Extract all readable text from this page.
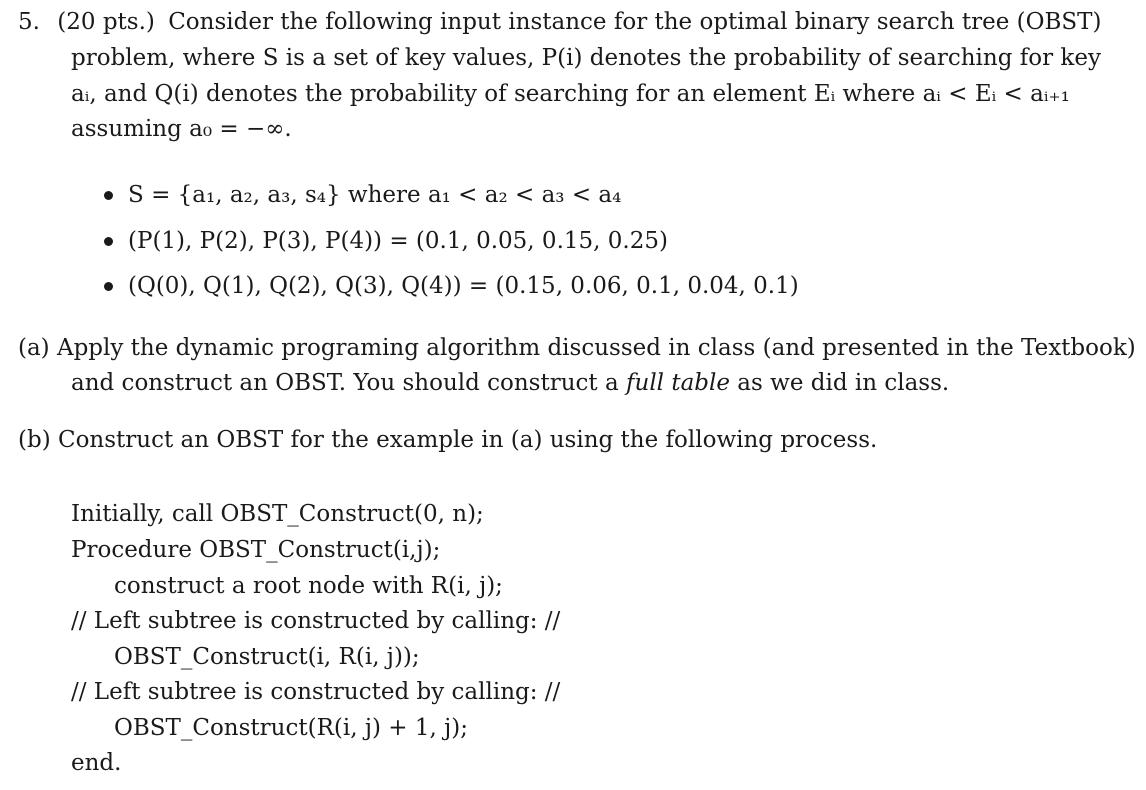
5. (20 pts.) Consider the following input instance for the optimal binary search tree (OBST)
problem, where S is a set of key values, P(i) denotes the probability of searching for key
aᵢ, and Q(i) denotes the probability of searching for an element Eᵢ where aᵢ < Eᵢ < aᵢ₊₁
assuming a₀ = −∞.
S = {a₁, a₂, a₃, s₄} where a₁ < a₂ < a₃ < a₄
(P(1), P(2), P(3), P(4)) = (0.1, 0.05, 0.15, 0.25)
(Q(0), Q(1), Q(2), Q(3), Q(4)) = (0.15, 0.06, 0.1, 0.04, 0.1)
(a) Apply the dynamic programing algorithm discussed in class (and presented in the Textbook)
and construct an OBST. You should construct a full table as we did in class.
(b) Construct an OBST for the example in (a) using the following process.
Initially, call OBST_Construct(0, n);
Procedure OBST_Construct(i,j);
construct a root node with R(i, j);
// Left subtree is constructed by calling: //
OBST_Construct(i, R(i, j));
// Left subtree is constructed by calling: //
OBST_Construct(R(i, j) + 1, j);
end.
